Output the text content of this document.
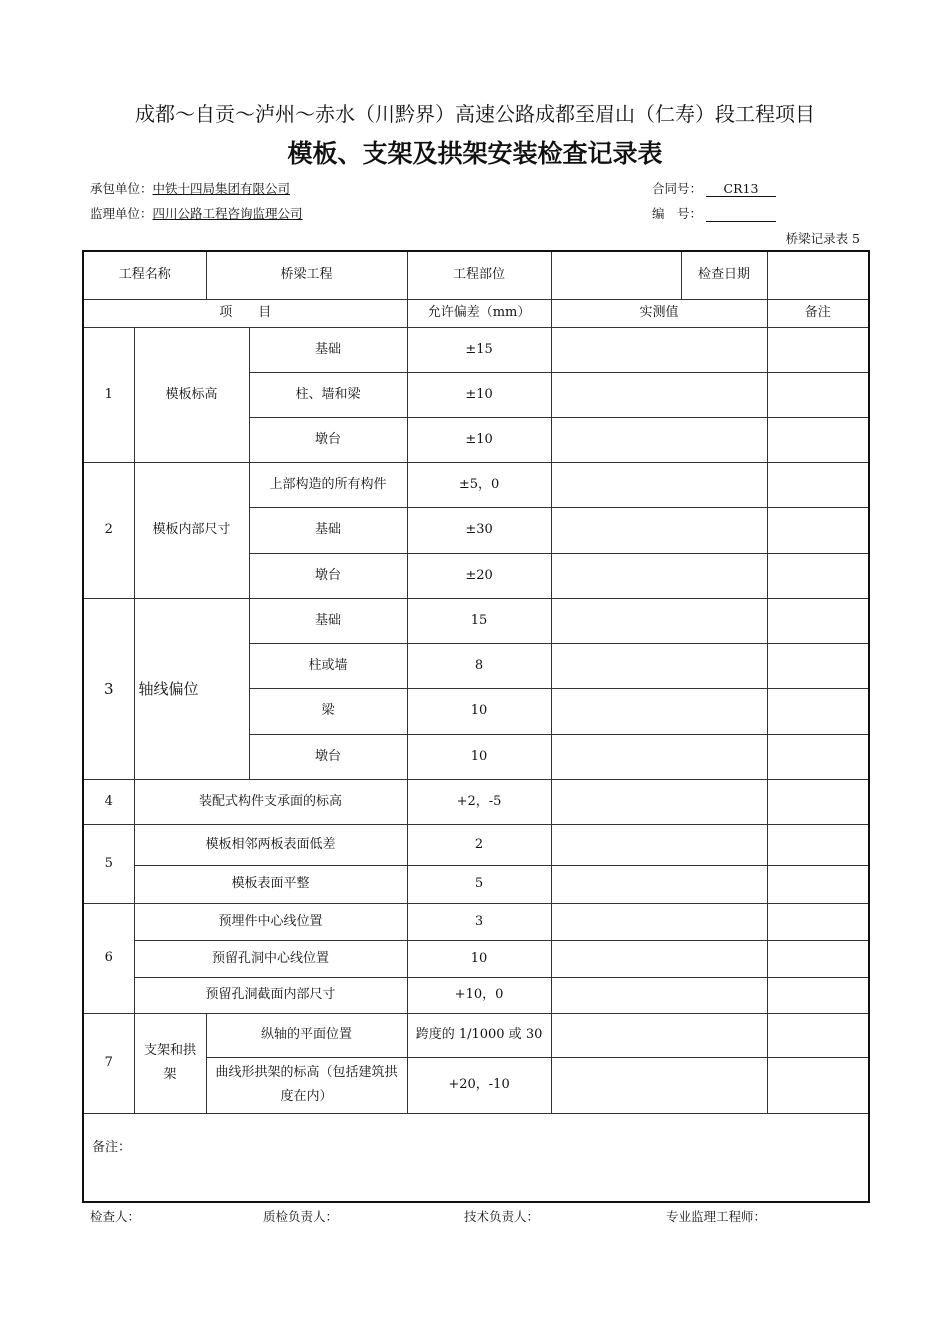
成都～自贡～泸州～赤水（川黔界）高速公路成都至眉山（仁寿）段工程项目
模板、支架及拱架安装检查记录表
承包单位：中铁十四局集团有限公司
监理单位：四川公路工程咨询监理公司
合同号： CR13
编　号：
桥梁记录表 5
工程名称		桥梁工程		工程部位		检查日期	
项　　目				允许偏差（mm）	实测值		备注
1	模板标高		基础	±15			
			柱、墙和梁	±10			
			墩台	±10			
2	模板内部尺寸		上部构造的所有构件	±5，0			
			基础	±30			
			墩台	±20			
3	轴线偏位		基础	15			
			柱或墙	8			
			梁	10			
			墩台	10			
4	装配式构件支承面的标高			+2，-5			
5	模板相邻两板表面低差			2			
	模板表面平整			5			
6	预埋件中心线位置			3			
	预留孔洞中心线位置			10			
	预留孔洞截面内部尺寸			+10，0			
7	支架和拱架	纵轴的平面位置		跨度的 1/1000 或 30			
		曲线形拱架的标高（包括建筑拱度在内）		+20，-10			
备注：							
检查人：	质检负责人：	技术负责人：	专业监理工程师：
